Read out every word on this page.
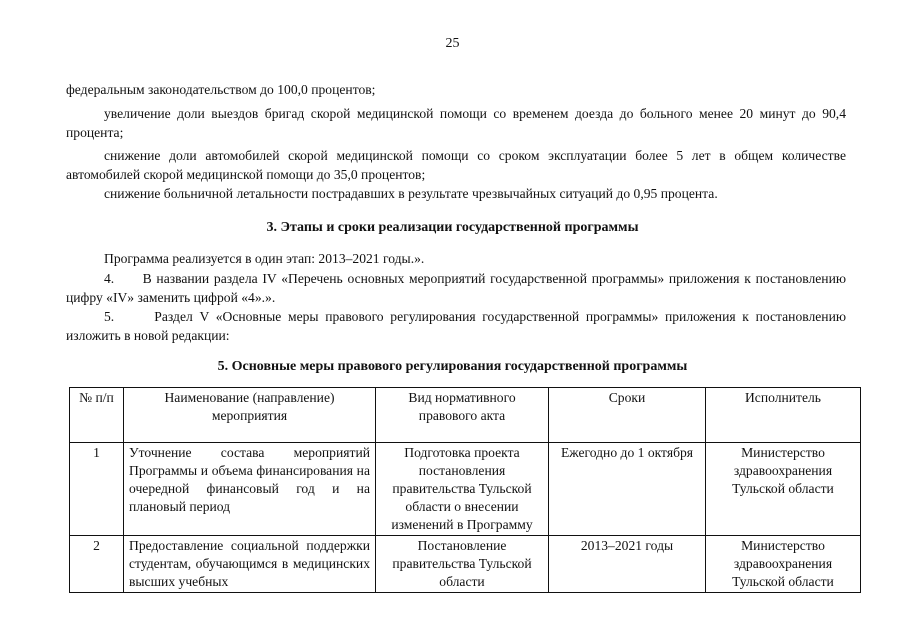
25

федеральным законодательством до 100,0 процентов;

увеличение доли выездов бригад скорой медицинской помощи со временем доезда до больного менее 20 минут до 90,4 процента;

снижение доли автомобилей скорой медицинской помощи со сроком эксплуатации более 5 лет в общем количестве автомобилей скорой медицинской помощи до 35,0 процентов;

снижение больничной летальности пострадавших в результате чрезвычайных ситуаций до 0,95 процента.

3. Этапы и сроки реализации государственной программы

Программа реализуется в один этап: 2013–2021 годы.».

4.      В названии раздела IV «Перечень основных мероприятий государственной программы» приложения к постановлению цифру «IV» заменить цифрой «4».».

5.      Раздел V «Основные меры правового регулирования государственной программы» приложения к постановлению изложить в новой редакции:

5. Основные меры правового регулирования государственной программы
№ п/п	Наименование (направление) мероприятия	Вид нормативного правового акта	Сроки	Исполнитель
1	Уточнение состава мероприятий Программы и объема финансирования на очередной финансовый год и на плановый период	Подготовка проекта постановления правительства Тульской области о внесении изменений в Программу	Ежегодно до 1 октября	Министерство здравоохранения Тульской области
2	Предоставление социальной поддержки студентам, обучающимся в медицинских высших учебных	Постановление правительства Тульской области	2013–2021 годы	Министерство здравоохранения Тульской области
